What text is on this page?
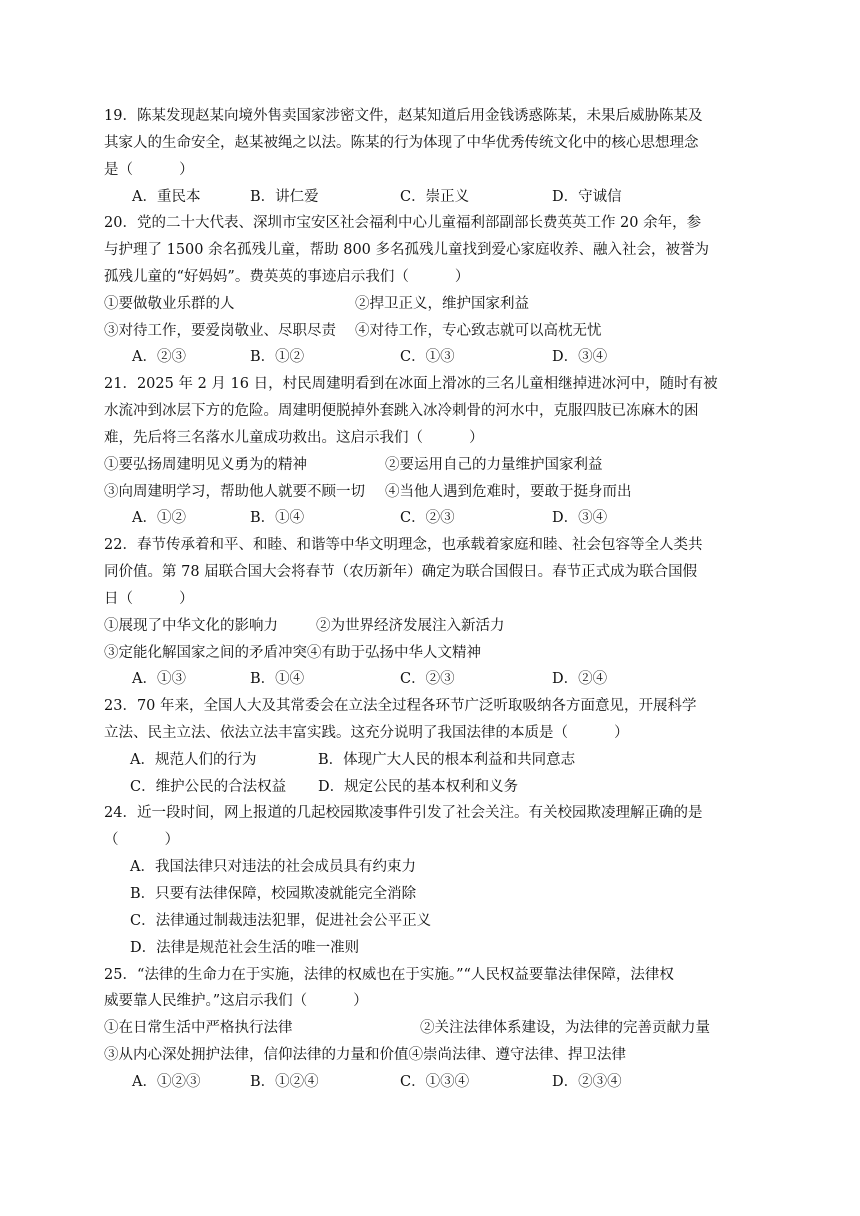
19．陈某发现赵某向境外售卖国家涉密文件，赵某知道后用金钱诱惑陈某，未果后威胁陈某及
其家人的生命安全，赵某被绳之以法。陈某的行为体现了中华优秀传统文化中的核心思想理念
是（          ）
A．重民本	B．讲仁爱	C．崇正义	D．守诚信
20．党的二十大代表、深圳市宝安区社会福利中心儿童福利部副部长费英英工作 20 余年，参
与护理了 1500 余名孤残儿童，帮助 800 多名孤残儿童找到爱心家庭收养、融入社会，被誉为
孤残儿童的“好妈妈”。费英英的事迹启示我们（          ）
①要做敬业乐群的人	②捍卫正义，维护国家利益
③对待工作，要爱岗敬业、尽职尽责 ④对待工作，专心致志就可以高枕无忧
A．②③	B．①②	C．①③	D．③④
21．2025 年 2 月 16 日，村民周建明看到在冰面上滑冰的三名儿童相继掉进冰河中，随时有被
水流冲到冰层下方的危险。周建明便脱掉外套跳入冰冷刺骨的河水中，克服四肢已冻麻木的困
难，先后将三名落水儿童成功救出。这启示我们（          ）
①要弘扬周建明见义勇为的精神	②要运用自己的力量维护国家利益
③向周建明学习，帮助他人就要不顾一切 ④当他人遇到危难时，要敢于挺身而出
A．①②	B．①④	C．②③	D．③④
22．春节传承着和平、和睦、和谐等中华文明理念，也承载着家庭和睦、社会包容等全人类共
同价值。第 78 届联合国大会将春节（农历新年）确定为联合国假日。春节正式成为联合国假
日（          ）
①展现了中华文化的影响力	②为世界经济发展注入新活力
③定能化解国家之间的矛盾冲突④有助于弘扬中华人文精神
A．①③	B．①④	C．②③	D．②④
23．70 年来，全国人大及其常委会在立法全过程各环节广泛听取吸纳各方面意见，开展科学
立法、民主立法、依法立法丰富实践。这充分说明了我国法律的本质是（          ）
A．规范人们的行为	B．体现广大人民的根本利益和共同意志
C．维护公民的合法权益 D．规定公民的基本权利和义务
24．近一段时间，网上报道的几起校园欺凌事件引发了社会关注。有关校园欺凌理解正确的是
（          ）
A．我国法律只对违法的社会成员具有约束力
B．只要有法律保障，校园欺凌就能完全消除
C．法律通过制裁违法犯罪，促进社会公平正义
D．法律是规范社会生活的唯一准则
25．“法律的生命力在于实施，法律的权威也在于实施。”“人民权益要靠法律保障，法律权
威要靠人民维护。”这启示我们（          ）
①在日常生活中严格执行法律	②关注法律体系建设，为法律的完善贡献力量
③从内心深处拥护法律，信仰法律的力量和价值④崇尚法律、遵守法律、捍卫法律
A．①②③	B．①②④	C．①③④	D．②③④
